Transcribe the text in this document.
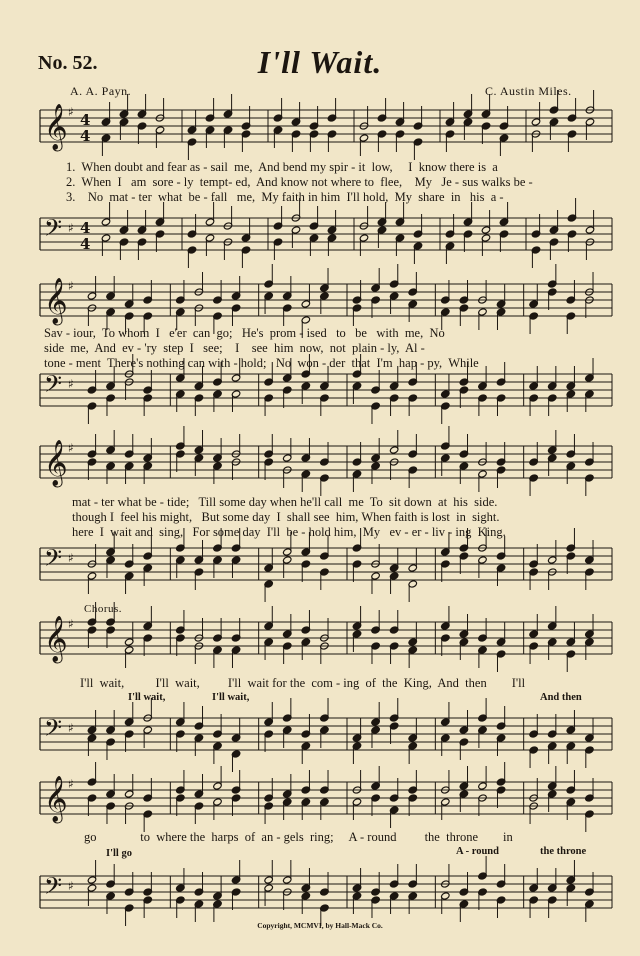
No. 52.	I'll Wait.
A. A. Payn.	C. Austin Miles.
𝄞 ♯ 4
4
𝄢 ♯ 4
4
1.  When doubt and fear as - sail  me,  And bend my spir - it  low,     I  know there is  a
2.  When  I   am  sore - ly  tempt- ed,  And know not where to  flee,    My   Je - sus walks be -
3.    No  mat - ter  what  be - fall   me,  My faith in him  I'll hold,  My  share  in   his  a -
𝄞 ♯
𝄢 ♯
Sav - iour,  To whom  I   e'er  can  go;   He's  prom - ised   to   be   with  me,  No
side  me,  And  ev - 'ry  step  I   see;    I    see  him  now,  not  plain - ly,  Al -
tone - ment  There's nothing can with - hold;   No  won - der  that  I'm  hap - py,  While
𝄞 ♯
𝄢 ♯
mat - ter what be - tide;   Till some day when he'll call  me  To  sit down  at  his  side.
though I  feel his might,   But some day  I  shall see  him, When faith is lost  in  sight.
here  I  wait and  sing,   For some day  I'll  be - hold him,  My   ev - er - liv - ing  King.
Chorus.
𝄞 ♯
𝄢 ♯
I'll  wait,          I'll  wait,         I'll  wait for the  com - ing  of  the  King,  And  then        I'll
I'll wait,	I'll wait,	And then
𝄞 ♯
𝄢 ♯
go              to  where the  harps  of  an - gels  ring;     A - round         the  throne        in
I'll go	A - round	the throne
Copyright, MCMVI, by Hall-Mack Co.
